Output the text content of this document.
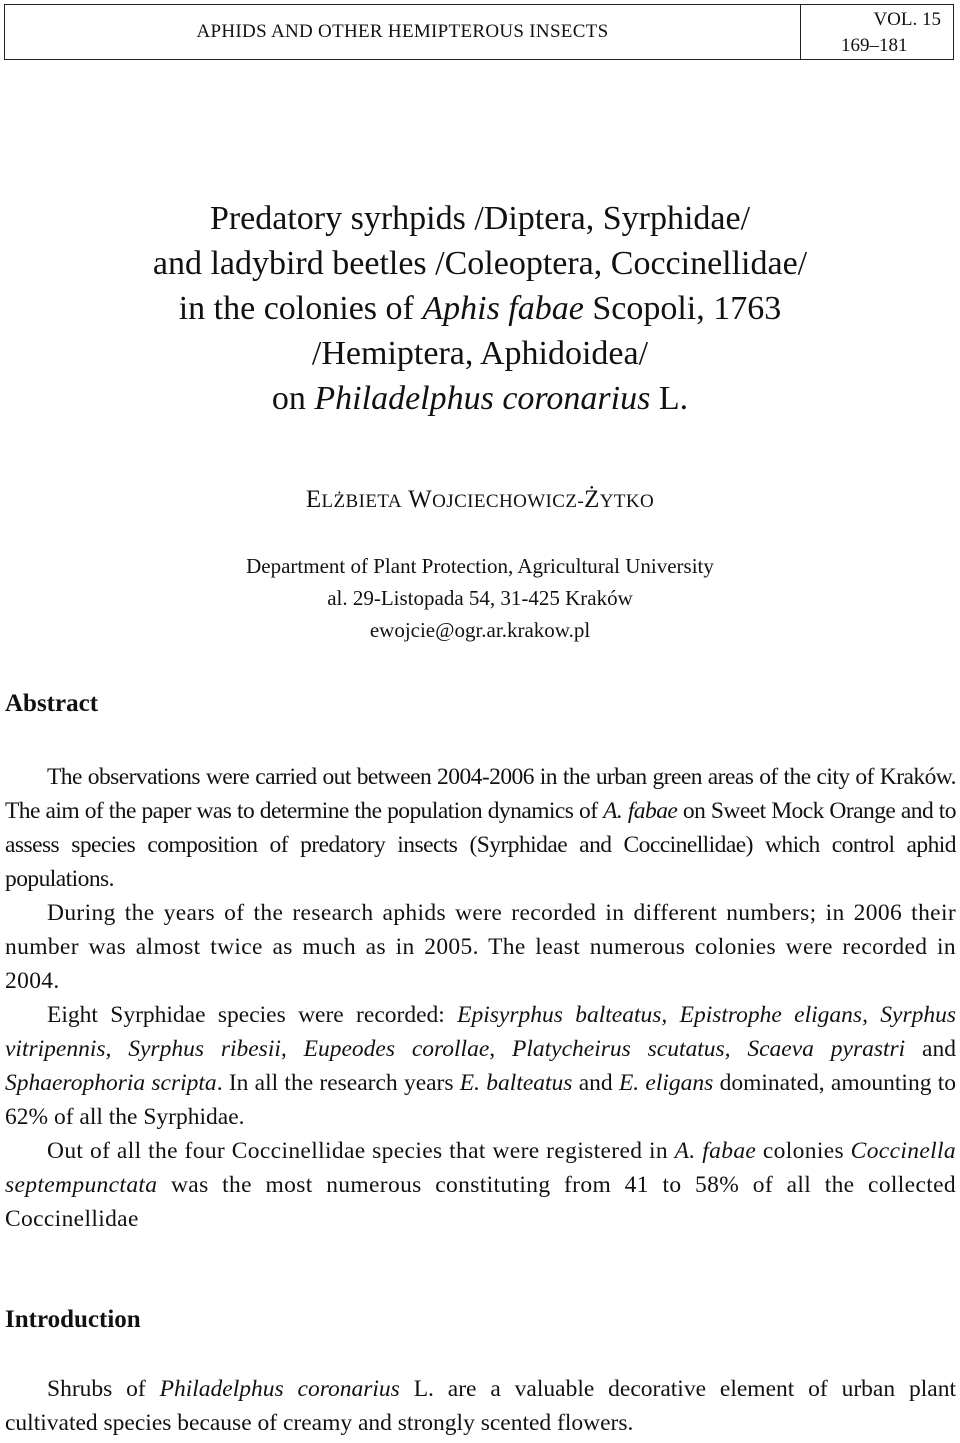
APHIDS AND OTHER HEMIPTEROUS INSECTS
VOL. 15
169–181
Predatory syrhpids /Diptera, Syrphidae/
and ladybird beetles /Coleoptera, Coccinellidae/
in the colonies of Aphis fabae Scopoli, 1763
/Hemiptera, Aphidoidea/
on Philadelphus coronarius L.
ELŻBIETA WOJCIECHOWICZ-ŻYTKO
Department of Plant Protection, Agricultural University
al. 29-Listopada 54, 31-425 Kraków
ewojcie@ogr.ar.krakow.pl
Abstract

The observations were carried out between 2004-2006 in the urban green areas of the city of Kraków. The aim of the paper was to determine the population dynamics of A. fabae on Sweet Mock Orange and to assess species composition of predatory insects (Syrphidae and Coccinellidae) which control aphid populations.

During the years of the research aphids were recorded in different numbers; in 2006 their number was almost twice as much as in 2005. The least numerous colonies were recorded in 2004.

Eight Syrphidae species were recorded: Episyrphus balteatus, Epistrophe eligans, Syrphus vitripennis, Syrphus ribesii, Eupeodes corollae, Platycheirus scutatus, Scaeva pyrastri and Sphaerophoria scripta. In all the research years E. balteatus and E. eligans dominated, amounting to 62% of all the Syrphidae.

Out of all the four Coccinellidae species that were registered in A. fabae colonies Coccinella septempunctata was the most numerous constituting from 41 to 58% of all the collected Coccinellidae

Introduction

Shrubs of Philadelphus coronarius L. are a valuable decorative element of urban plant cultivated species because of creamy and strongly scented flowers.
